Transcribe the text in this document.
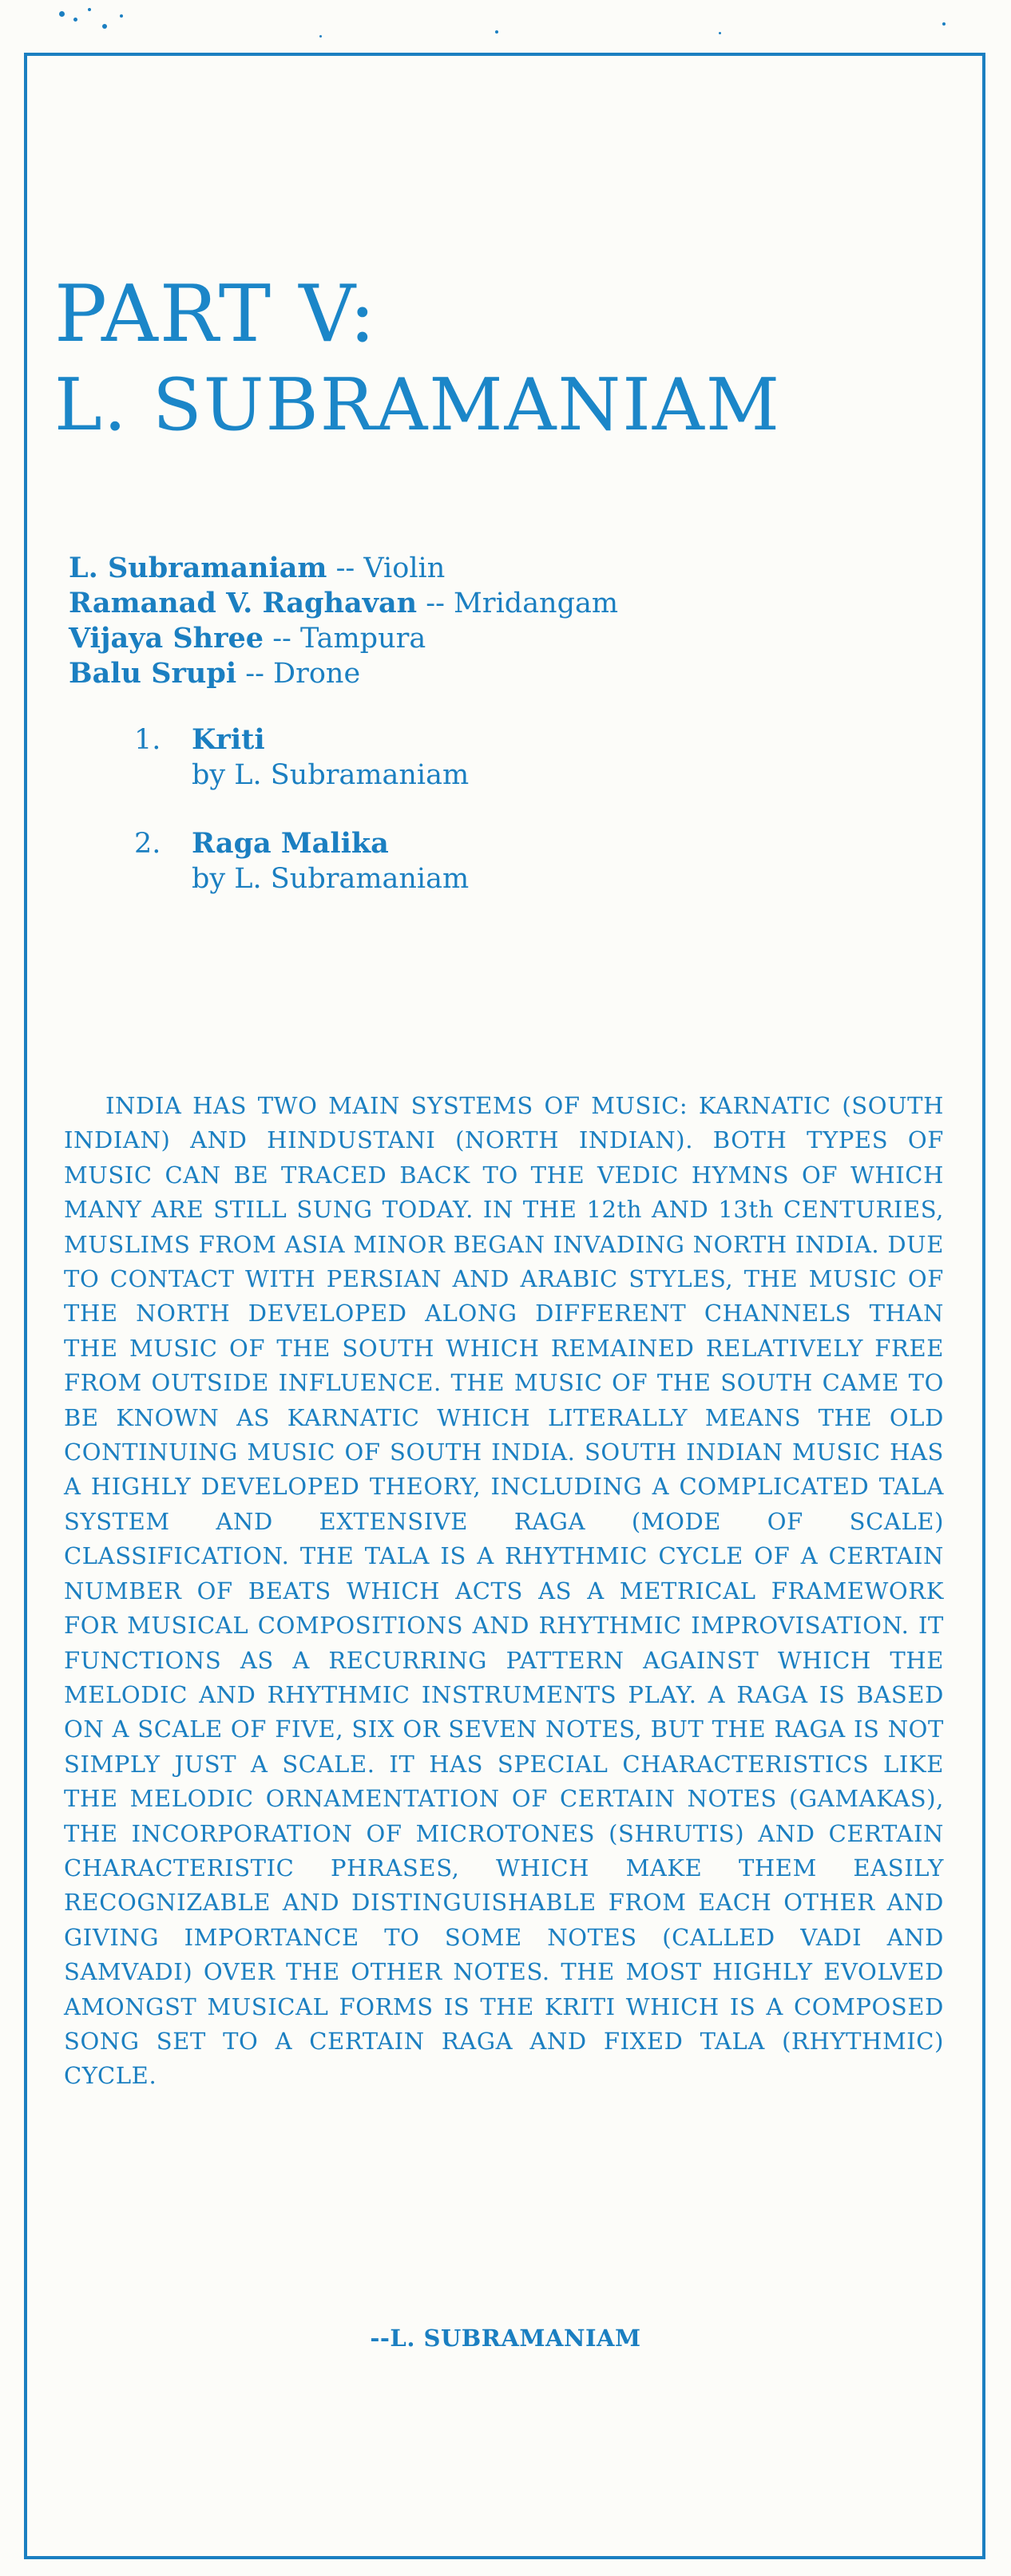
PART V:
L. SUBRAMANIAM
L. Subramaniam -- Violin
Ramanad V. Raghavan -- Mridangam
Vijaya Shree -- Tampura
Balu Srupi -- Drone
1. Kriti
by L. Subramaniam
2. Raga Malika
by L. Subramaniam

INDIA HAS TWO MAIN SYSTEMS OF MUSIC: KARNATIC (SOUTH INDIAN) AND HINDUSTANI (NORTH INDIAN). BOTH TYPES OF MUSIC CAN BE TRACED BACK TO THE VEDIC HYMNS OF WHICH MANY ARE STILL SUNG TODAY. IN THE 12th AND 13th CENTURIES, MUSLIMS FROM ASIA MINOR BEGAN INVADING NORTH INDIA. DUE TO CONTACT WITH PERSIAN AND ARABIC STYLES, THE MUSIC OF THE NORTH DEVELOPED ALONG DIFFERENT CHANNELS THAN THE MUSIC OF THE SOUTH WHICH REMAINED RELATIVELY FREE FROM OUTSIDE INFLUENCE. THE MUSIC OF THE SOUTH CAME TO BE KNOWN AS KARNATIC WHICH LITERALLY MEANS THE OLD CONTINUING MUSIC OF SOUTH INDIA. SOUTH INDIAN MUSIC HAS A HIGHLY DEVELOPED THEORY, INCLUDING A COMPLICATED TALA SYSTEM AND EXTENSIVE RAGA (MODE OF SCALE) CLASSIFICATION. THE TALA IS A RHYTHMIC CYCLE OF A CERTAIN NUMBER OF BEATS WHICH ACTS AS A METRICAL FRAMEWORK FOR MUSICAL COMPOSITIONS AND RHYTHMIC IMPROVISATION. IT FUNCTIONS AS A RECURRING PATTERN AGAINST WHICH THE MELODIC AND RHYTHMIC INSTRUMENTS PLAY. A RAGA IS BASED ON A SCALE OF FIVE, SIX OR SEVEN NOTES, BUT THE RAGA IS NOT SIMPLY JUST A SCALE. IT HAS SPECIAL CHARACTERISTICS LIKE THE MELODIC ORNAMENTATION OF CERTAIN NOTES (GAMAKAS), THE INCORPORATION OF MICROTONES (SHRUTIS) AND CERTAIN CHARACTERISTIC PHRASES, WHICH MAKE THEM EASILY RECOGNIZABLE AND DISTINGUISHABLE FROM EACH OTHER AND GIVING IMPORTANCE TO SOME NOTES (CALLED VADI AND SAMVADI) OVER THE OTHER NOTES. THE MOST HIGHLY EVOLVED AMONGST MUSICAL FORMS IS THE KRITI WHICH IS A COMPOSED SONG SET TO A CERTAIN RAGA AND FIXED TALA (RHYTHMIC) CYCLE.

--L. SUBRAMANIAM
